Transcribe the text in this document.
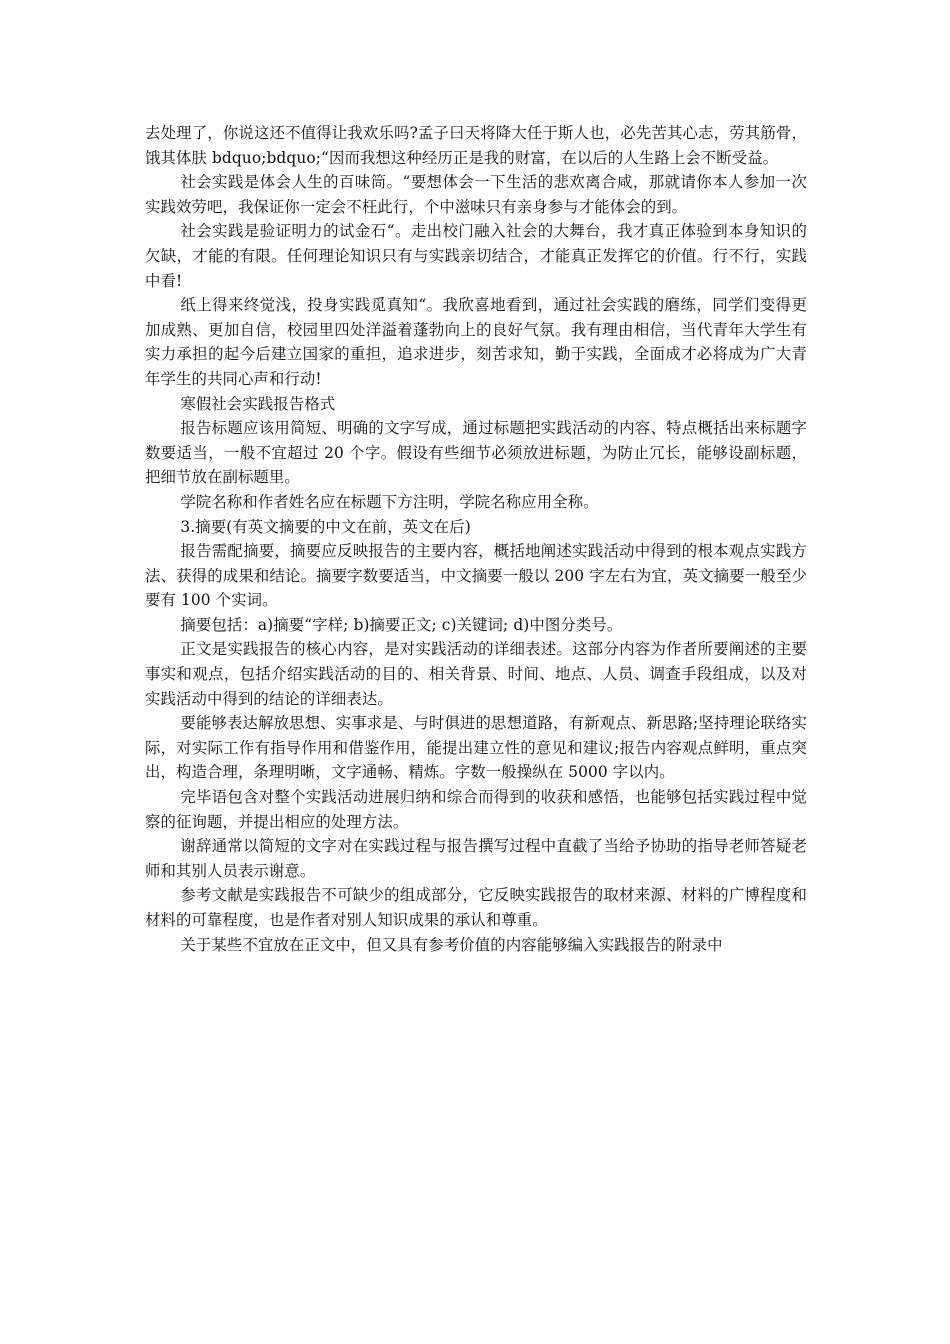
去处理了，你说这还不值得让我欢乐吗?孟子曰天将降大任于斯人也，必先苦其心志，劳其筋骨，饿其体肤 bdquo;bdquo;“因而我想这种经历正是我的财富，在以后的人生路上会不断受益。

社会实践是体会人生的百味筒。“要想体会一下生活的悲欢离合咸，那就请你本人参加一次实践效劳吧，我保证你一定会不枉此行，个中滋味只有亲身参与才能体会的到。

社会实践是验证明力的试金石“。走出校门融入社会的大舞台，我才真正体验到本身知识的欠缺，才能的有限。任何理论知识只有与实践亲切结合，才能真正发挥它的价值。行不行，实践中看!

纸上得来终觉浅，投身实践觅真知“。我欣喜地看到，通过社会实践的磨练，同学们变得更加成熟、更加自信，校园里四处洋溢着蓬勃向上的良好气氛。我有理由相信，当代青年大学生有实力承担的起今后建立国家的重担，追求进步，刻苦求知，勤于实践，全面成才必将成为广大青年学生的共同心声和行动!

寒假社会实践报告格式

报告标题应该用简短、明确的文字写成，通过标题把实践活动的内容、特点概括出来标题字数要适当，一般不宜超过 20 个字。假设有些细节必须放进标题，为防止冗长，能够设副标题，把细节放在副标题里。

学院名称和作者姓名应在标题下方注明，学院名称应用全称。

3.摘要(有英文摘要的中文在前，英文在后)

报告需配摘要，摘要应反映报告的主要内容，概括地阐述实践活动中得到的根本观点实践方法、获得的成果和结论。摘要字数要适当，中文摘要一般以 200 字左右为宜，英文摘要一般至少要有 100 个实词。

摘要包括：a)摘要“字样; b)摘要正文; c)关键词; d)中图分类号。

正文是实践报告的核心内容，是对实践活动的详细表述。这部分内容为作者所要阐述的主要事实和观点，包括介绍实践活动的目的、相关背景、时间、地点、人员、调查手段组成，以及对实践活动中得到的结论的详细表达。

要能够表达解放思想、实事求是、与时俱进的思想道路，有新观点、新思路;坚持理论联络实际，对实际工作有指导作用和借鉴作用，能提出建立性的意见和建议;报告内容观点鲜明，重点突出，构造合理，条理明晰，文字通畅、精炼。字数一般操纵在 5000 字以内。

完毕语包含对整个实践活动进展归纳和综合而得到的收获和感悟，也能够包括实践过程中觉察的征询题，并提出相应的处理方法。

谢辞通常以简短的文字对在实践过程与报告撰写过程中直截了当给予协助的指导老师答疑老师和其别人员表示谢意。

参考文献是实践报告不可缺少的组成部分，它反映实践报告的取材来源、材料的广博程度和材料的可靠程度，也是作者对别人知识成果的承认和尊重。

关于某些不宜放在正文中，但又具有参考价值的内容能够编入实践报告的附录中
